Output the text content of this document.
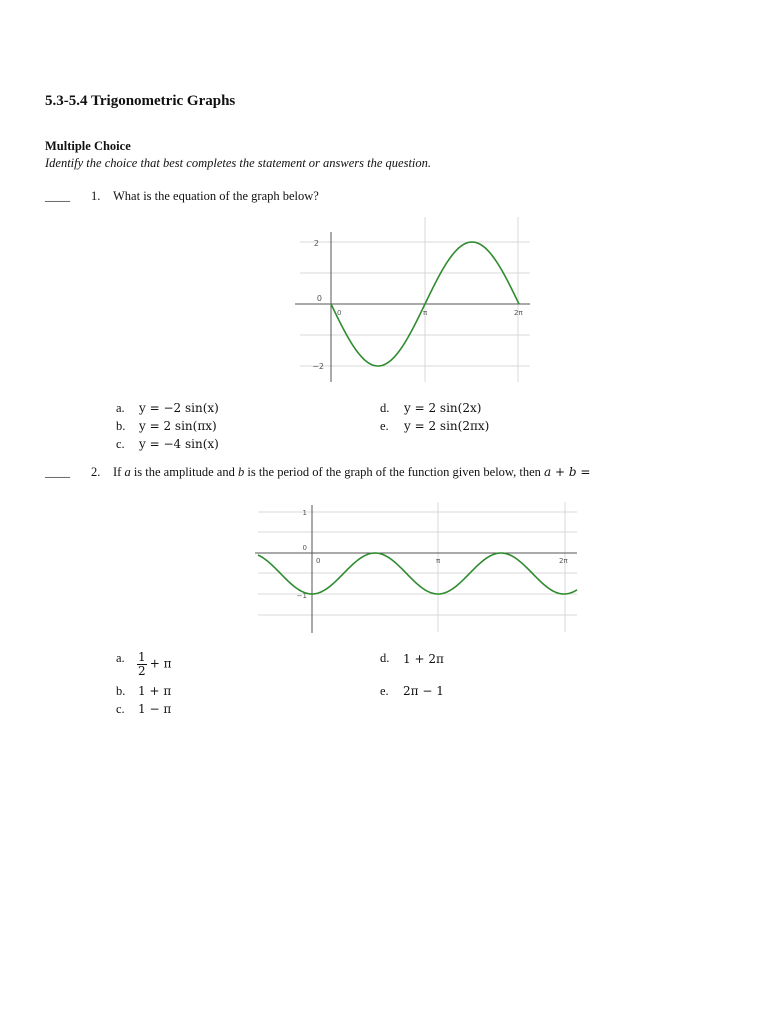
5.3-5.4 Trigonometric Graphs
Multiple Choice
Identify the choice that best completes the statement or answers the question.
____ 1. What is the equation of the graph below?
2
0
−2
0	π	2π
a. y = −2 sin(x)
b. y = 2 sin(πx)
c. y = −4 sin(x)
d. y = 2 sin(2x)
e. y = 2 sin(2πx)
____ 2. If a is the amplitude and b is the period of the graph of the function given below, then a + b =
1
0
−1
0	π	2π
a. $\frac{1}{2} + \pi$
b. 1 + π
c. 1 − π
d. 1 + 2π
e. 2π − 1
